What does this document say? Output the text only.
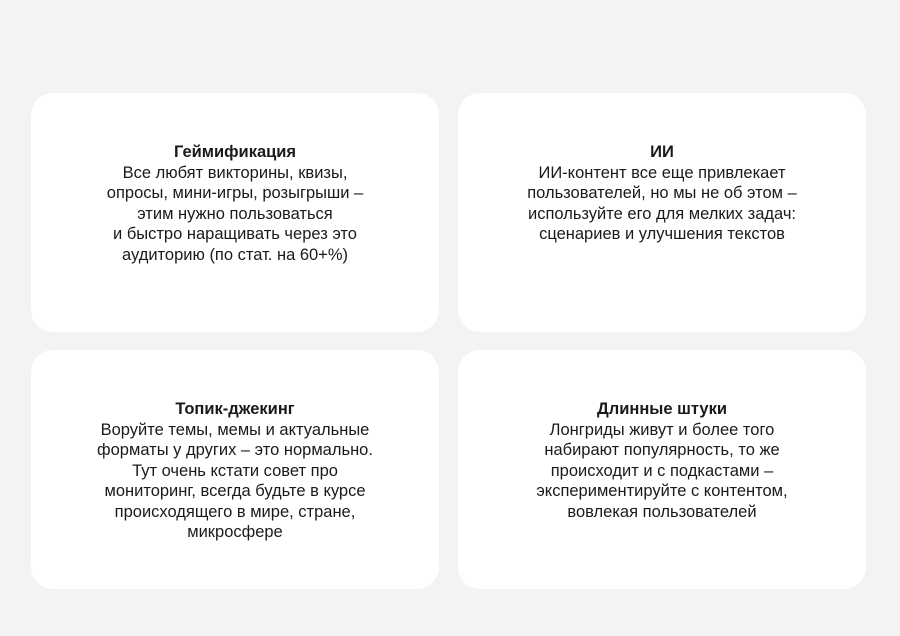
Геймификация

Все любят викторины, квизы,
опросы, мини-игры, розыгрыши –
этим нужно пользоваться
и быстро наращивать через это
аудиторию (по стат. на 60+%)

ИИ

ИИ-контент все еще привлекает
пользователей, но мы не об этом –
используйте его для мелких задач:
сценариев и улучшения текстов

Топик-джекинг

Воруйте темы, мемы и актуальные
форматы у других – это нормально.
Тут очень кстати совет про
мониторинг, всегда будьте в курсе
происходящего в мире, стране,
микросфере

Длинные штуки

Лонгриды живут и более того
набирают популярность, то же
происходит и с подкастами –
экспериментируйте с контентом,
вовлекая пользователей
